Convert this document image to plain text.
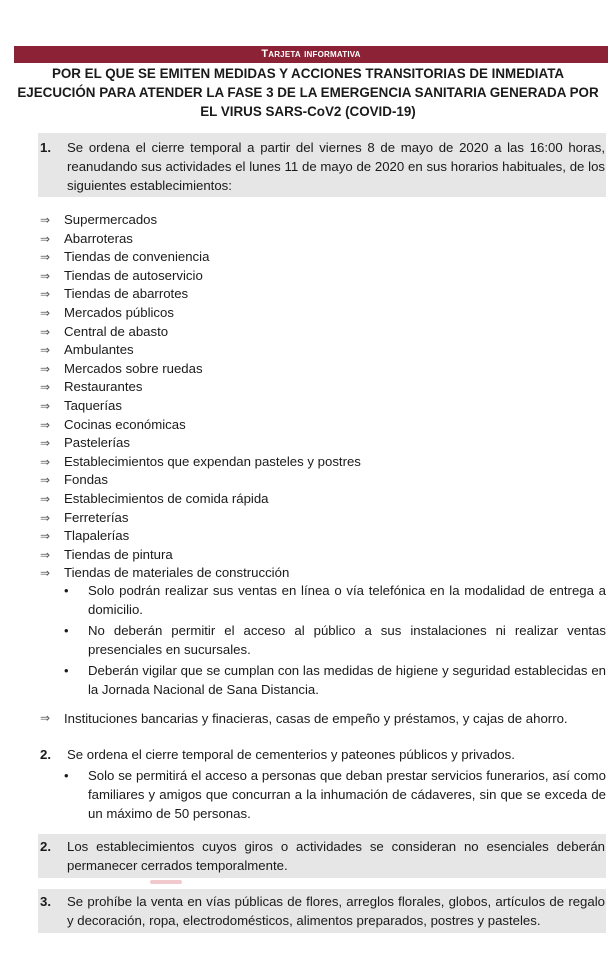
Tarjeta informativa
POR EL QUE SE EMITEN MEDIDAS Y ACCIONES TRANSITORIAS DE INMEDIATA
EJECUCIÓN PARA ATENDER LA FASE 3 DE LA EMERGENCIA SANITARIA GENERADA POR
EL VIRUS SARS-CoV2 (COVID-19)
1. Se ordena el cierre temporal a partir del viernes 8 de mayo de 2020 a las 16:00 horas, reanudando sus actividades el lunes 11 de mayo de 2020 en sus horarios habituales, de los siguientes establecimientos:
⇒	Supermercados
⇒	Abarroteras
⇒	Tiendas de conveniencia
⇒	Tiendas de autoservicio
⇒	Tiendas de abarrotes
⇒	Mercados públicos
⇒	Central de abasto
⇒	Ambulantes
⇒	Mercados sobre ruedas
⇒	Restaurantes
⇒	Taquerías
⇒	Cocinas económicas
⇒	Pastelerías
⇒	Establecimientos que expendan pasteles y postres
⇒	Fondas
⇒	Establecimientos de comida rápida
⇒	Ferreterías
⇒	Tlapalerías
⇒	Tiendas de pintura
⇒	Tiendas de materiales de construcción
• Solo podrán realizar sus ventas en línea o vía telefónica en la modalidad de entrega a domicilio.
• No deberán permitir el acceso al público a sus instalaciones ni realizar ventas presenciales en sucursales.
• Deberán vigilar que se cumplan con las medidas de higiene y seguridad establecidas en la Jornada Nacional de Sana Distancia.
⇒	Instituciones bancarias y finacieras, casas de empeño y préstamos, y cajas de ahorro.
2. Se ordena el cierre temporal de cementerios y pateones públicos y privados.
• Solo se permitirá el acceso a personas que deban prestar servicios funerarios, así como familiares y amigos que concurran a la inhumación de cádaveres, sin que se exceda de un máximo de 50 personas.
2. Los establecimientos cuyos giros o actividades se consideran no esenciales deberán permanecer cerrados temporalmente.
3. Se prohíbe la venta en vías públicas de flores, arreglos florales, globos, artículos de regalo y decoración, ropa, electrodomésticos, alimentos preparados, postres y pasteles.
